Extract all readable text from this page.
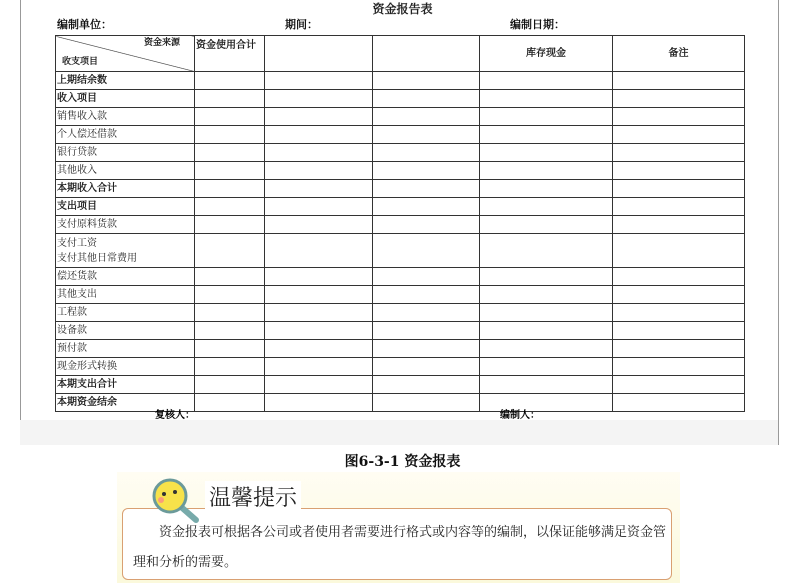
资金报告表
编制单位：	期间：	编制日期：
资金来源
收支项目	资金使用合计			库存现金	备注
上期结余数					
收入项目					
销售收入款					
个人偿还借款					
银行贷款					
其他收入					
本期收入合计					
支出项目					
支付原料货款					
支付工资
支付其他日常费用					
偿还货款					
其他支出					
工程款					
设备款					
预付款					
现金形式转换					
本期支出合计					
本期资金结余					
复核人：	编制人：
图6-3-1 资金报表
温馨提示
资金报表可根据各公司或者使用者需要进行格式或内容等的编制，以保证能够满足资金管理和分析的需要。
